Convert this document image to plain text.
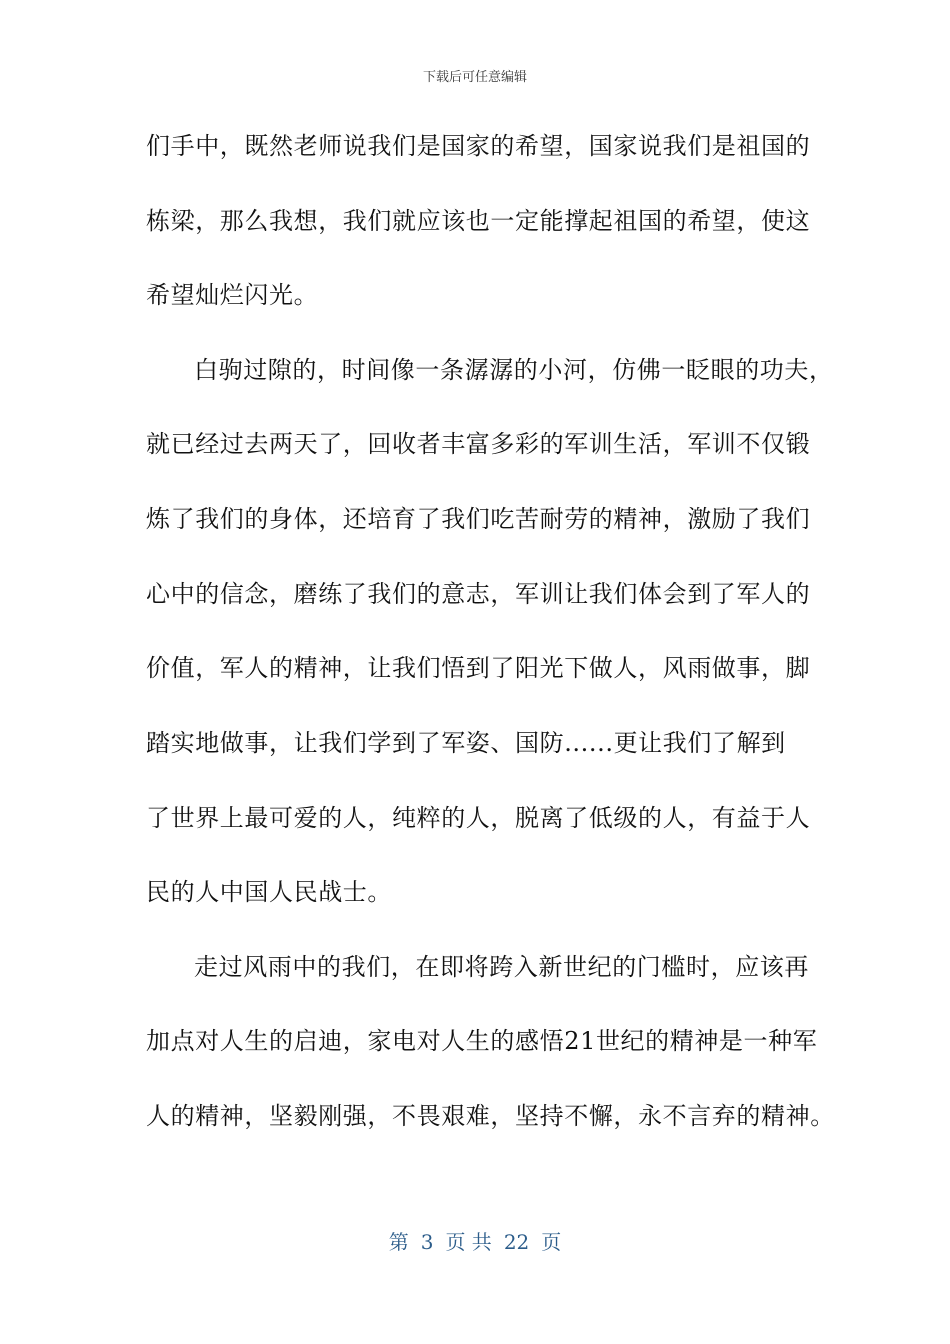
下载后可任意编辑
们手中，既然老师说我们是国家的希望，国家说我们是祖国的
栋梁，那么我想，我们就应该也一定能撑起祖国的希望，使这
希望灿烂闪光。
白驹过隙的，时间像一条潺潺的小河，仿佛一眨眼的功夫，
就已经过去两天了，回收者丰富多彩的军训生活，军训不仅锻
炼了我们的身体，还培育了我们吃苦耐劳的精神，激励了我们
心中的信念，磨练了我们的意志，军训让我们体会到了军人的
价值，军人的精神，让我们悟到了阳光下做人，风雨做事，脚
踏实地做事，让我们学到了军姿、国防......更让我们了解到
了世界上最可爱的人，纯粹的人，脱离了低级的人，有益于人
民的人中国人民战士。
走过风雨中的我们，在即将跨入新世纪的门槛时，应该再
加点对人生的启迪，家电对人生的感悟21世纪的精神是一种军
人的精神，坚毅刚强，不畏艰难，坚持不懈，永不言弃的精神。
第 3 页 共 22 页
